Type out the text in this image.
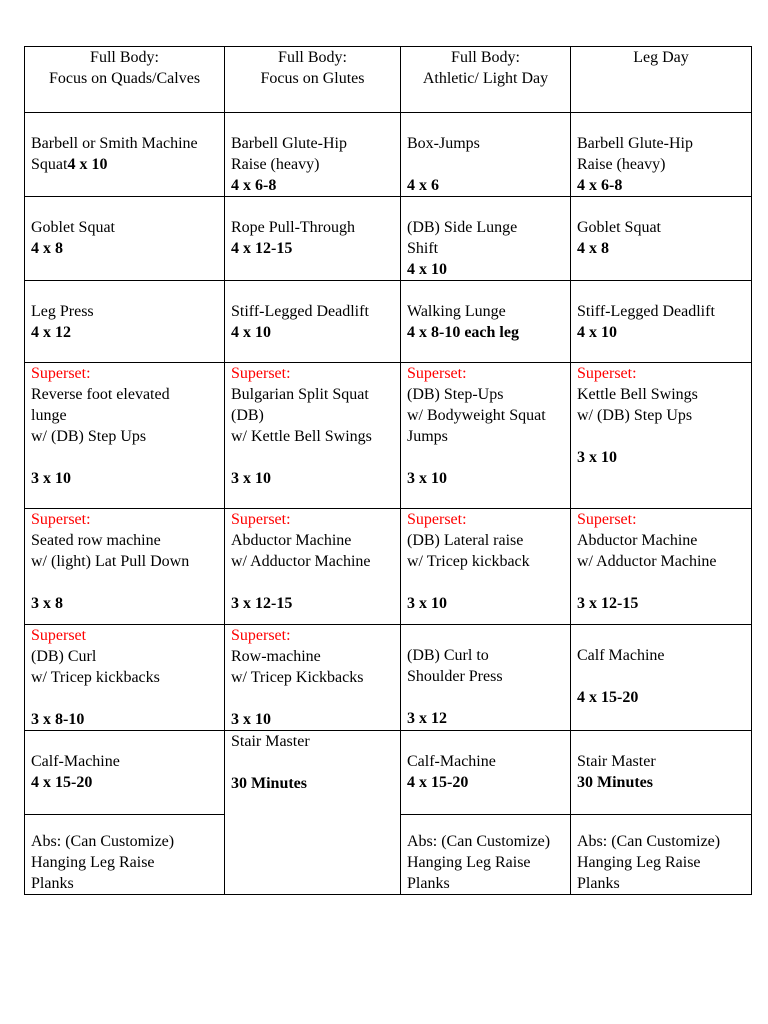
Full Body:
Focus on Quads/Calves	Full Body:
Focus on Glutes	Full Body:
Athletic/ Light Day	Leg Day

Barbell or Smith Machine Squat4 x 10	Barbell Glute-Hip
Raise (heavy)
4 x 6-8	Box-Jumps
4 x 6	Barbell Glute-Hip
Raise (heavy)
4 x 6-8

Goblet Squat
4 x 8	Rope Pull-Through
4 x 12-15	(DB) Side Lunge
Shift
4 x 10	Goblet Squat
4 x 8

Leg Press
4 x 12	Stiff-Legged Deadlift
4 x 10	Walking Lunge
4 x 8-10 each leg	Stiff-Legged Deadlift
4 x 10

Superset:
Reverse foot elevated
lunge
w/ (DB) Step Ups
3 x 10	Superset:
Bulgarian Split Squat
(DB)
w/ Kettle Bell Swings
3 x 10	Superset:
(DB) Step-Ups
w/ Bodyweight Squat
Jumps
3 x 10	Superset:
Kettle Bell Swings
w/ (DB) Step Ups
3 x 10

Superset:
Seated row machine
w/ (light) Lat Pull Down
3 x 8	Superset:
Abductor Machine
w/ Adductor Machine
3 x 12-15	Superset:
(DB) Lateral raise
w/ Tricep kickback
3 x 10	Superset:
Abductor Machine
w/ Adductor Machine
3 x 12-15

Superset
(DB) Curl
w/ Tricep kickbacks
3 x 8-10	Superset:
Row-machine
w/ Tricep Kickbacks
3 x 10	(DB) Curl to
Shoulder Press
3 x 12	Calf Machine
4 x 15-20

Calf-Machine
4 x 15-20	Stair Master
30 Minutes	Calf-Machine
4 x 15-20	Stair Master
30 Minutes

Abs: (Can Customize)
Hanging Leg Raise
Planks		Abs: (Can Customize)
Hanging Leg Raise
Planks	Abs: (Can Customize)
Hanging Leg Raise
Planks
